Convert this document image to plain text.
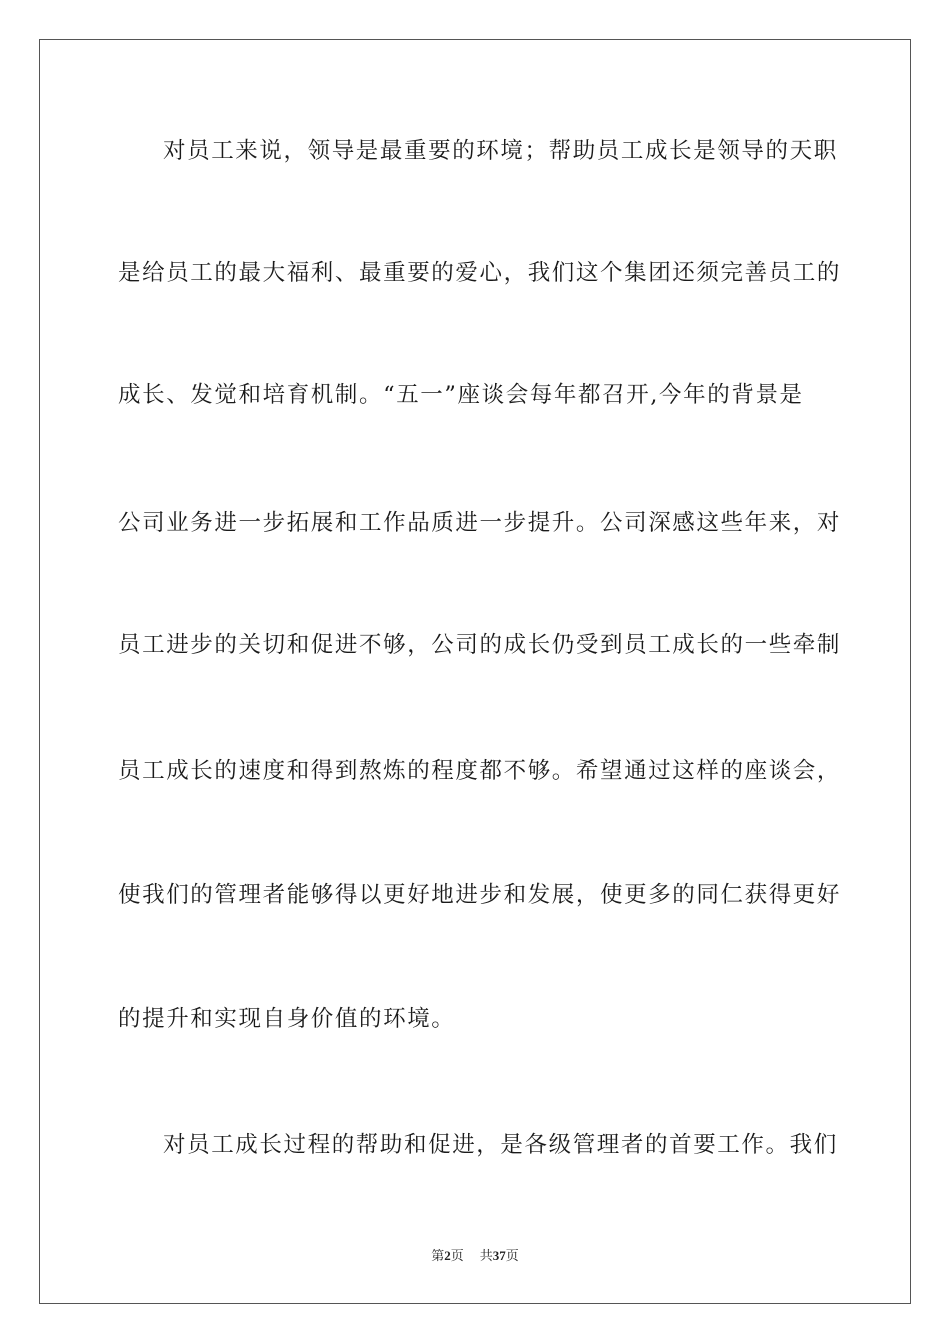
对员工来说，领导是最重要的环境；帮助员工成长是领导的天职
是给员工的最大福利、最重要的爱心，我们这个集团还须完善员工的
成长、发觉和培育机制。“五一”座谈会每年都召开,今年的背景是
公司业务进一步拓展和工作品质进一步提升。公司深感这些年来，对
员工进步的关切和促进不够，公司的成长仍受到员工成长的一些牵制
员工成长的速度和得到熬炼的程度都不够。希望通过这样的座谈会，
使我们的管理者能够得以更好地进步和发展，使更多的同仁获得更好
的提升和实现自身价值的环境。
对员工成长过程的帮助和促进，是各级管理者的首要工作。我们
第2页 共37页
